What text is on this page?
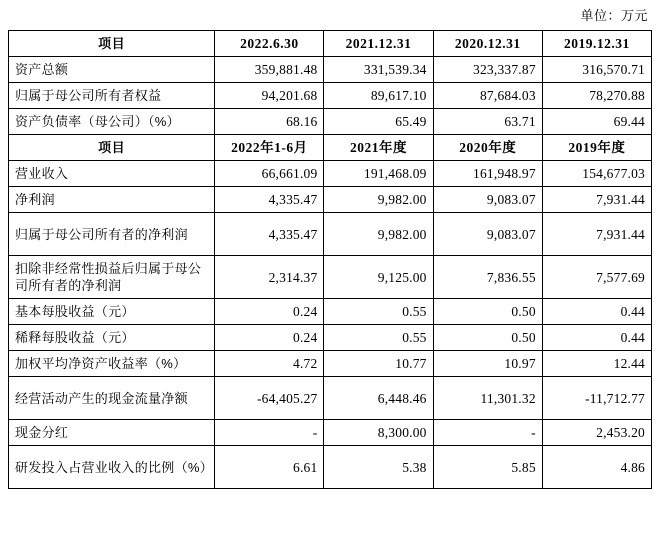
单位：万元
项目	2022.6.30	2021.12.31	2020.12.31	2019.12.31
资产总额	359,881.48	331,539.34	323,337.87	316,570.71
归属于母公司所有者权益	94,201.68	89,617.10	87,684.03	78,270.88
资产负债率（母公司）（%）	68.16	65.49	63.71	69.44
项目	2022年1-6月	2021年度	2020年度	2019年度
营业收入	66,661.09	191,468.09	161,948.97	154,677.03
净利润	4,335.47	9,982.00	9,083.07	7,931.44
归属于母公司所有者的净利润	4,335.47	9,982.00	9,083.07	7,931.44
扣除非经常性损益后归属于母公司所有者的净利润	2,314.37	9,125.00	7,836.55	7,577.69
基本每股收益（元）	0.24	0.55	0.50	0.44
稀释每股收益（元）	0.24	0.55	0.50	0.44
加权平均净资产收益率（%）	4.72	10.77	10.97	12.44
经营活动产生的现金流量净额	-64,405.27	6,448.46	11,301.32	-11,712.77
现金分红	-	8,300.00	-	2,453.20
研发投入占营业收入的比例（%）	6.61	5.38	5.85	4.86
